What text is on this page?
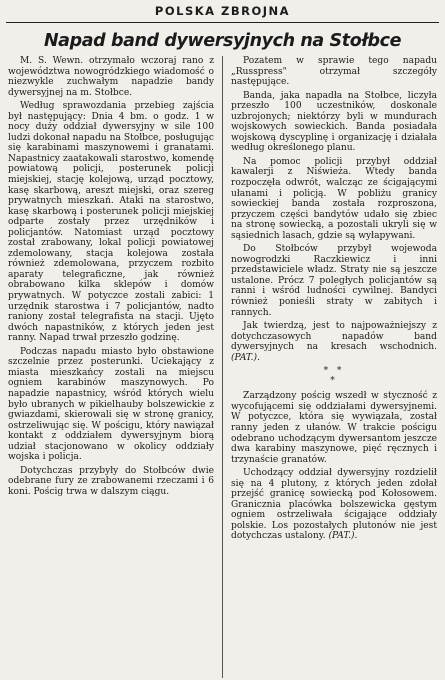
POLSKA ZBROJNA
Napad band dywersyjnych na Stołbce

M. S. Wewn. otrzymało wczoraj rano z województwa nowogródzkiego wiadomość o niezwykle zuchwałym napadzie bandy dywersyjnej na m. Stołbce.

Według sprawozdania przebieg zajścia był następujący: Dnia 4 bm. o godz. 1 w nocy duży oddział dywersyjny w sile 100 ludzi dokonał napadu na Stołbce, posługując się karabinami maszynowemi i granatami. Napastnicy zaatakowali starostwo, komendę powiatową policji, posterunek policji miejskiej, stację kolejową, urząd pocztowy, kasę skarbową, areszt miejski, oraz szereg prywatnych mieszkań. Ataki na starostwo, kasę skarbową i posterunek policji miejskiej odparte zostały przez urzędników i policjantów. Natomiast urząd pocztowy został zrabowany, lokal policji powiatowej zdemolowany, stacja kolejowa została również zdemolowana, przyczem rozbito aparaty telegraficzne, jak również obrabowano kilka sklepów i domów prywatnych. W potyczce zostali zabici: 1 urzędnik starostwa i 7 policjantów, nadto raniony został telegrafista na stacji. Ujęto dwóch napastników, z których jeden jest ranny. Napad trwał przeszło godzinę.

Podczas napadu miasto było obstawione szczelnie przez posterunki. Uciekający z miasta mieszkańcy zostali na miejscu ogniem karabinów maszynowych. Po napadzie napastnicy, wśród których wielu było ubranych w pikielhauby bolszewickie z gwiazdami, skierowali się w stronę granicy, ostrzeliwując się. W pościgu, który nawiązał kontakt z oddziałem dywersyjnym biorą udział stacjonowano w okolicy oddziały wojska i policja.

Dotychczas przybyły do Stołbców dwie odebrane fury ze zrabowanemi rzeczami i 6 koni. Pościg trwa w dalszym ciągu.

Pozatem w sprawie tego napadu „Russpress" otrzymał szczegóły następujące.

Banda, jaka napadła na Stołbce, liczyła przeszło 100 uczestników, doskonale uzbrojonych; niektórzy byli w mundurach wojskowych sowieckich. Banda posiadała wojskową dyscyplinę i organizację i działała według określonego planu.

Na pomoc policji przybył oddział kawalerji z Niświeża. Wtedy banda rozpoczęła odwrót, walcząc ze ścigającymi ułanami i policją. W pobliżu granicy sowieckiej banda została rozproszona, przyczem części bandytów udało się zbiec na stronę sowiecką, a pozostali ukryli się w sąsiednich lasach, gdzie są wyłapywani.

Do Stołbców przybył wojewoda nowogrodzki Raczkiewicz i inni przedstawiciele władz. Straty nie są jeszcze ustalone. Prócz 7 poległych policjantów są ranni i wśród ludności cywilnej. Bandyci również ponieśli straty w zabitych i rannych.

Jak twierdzą, jest to najpoważniejszy z dotychczasowych napadów band dywersyjnych na kresach wschodnich. (PAT.).

* *
*

Zarządzony pościg wszedł w styczność z wycofującemi się oddziałami dywersyjnemi. W potyczce, która się wywiązała, został ranny jeden z ułanów. W trakcie pościgu odebrano uchodzącym dywersantom jeszcze dwa karabiny maszynowe, pięć ręcznych i trzynaście granatów.

Uchodzący oddział dywersyjny rozdzielił się na 4 plutony, z których jeden zdołał przejść granicę sowiecką pod Kołosowem. Granicznia placówka bolszewicka gęstym ogniem ostrzeliwała ścigające oddziały polskie. Los pozostałych plutonów nie jest dotychczas ustalony. (PAT.).
